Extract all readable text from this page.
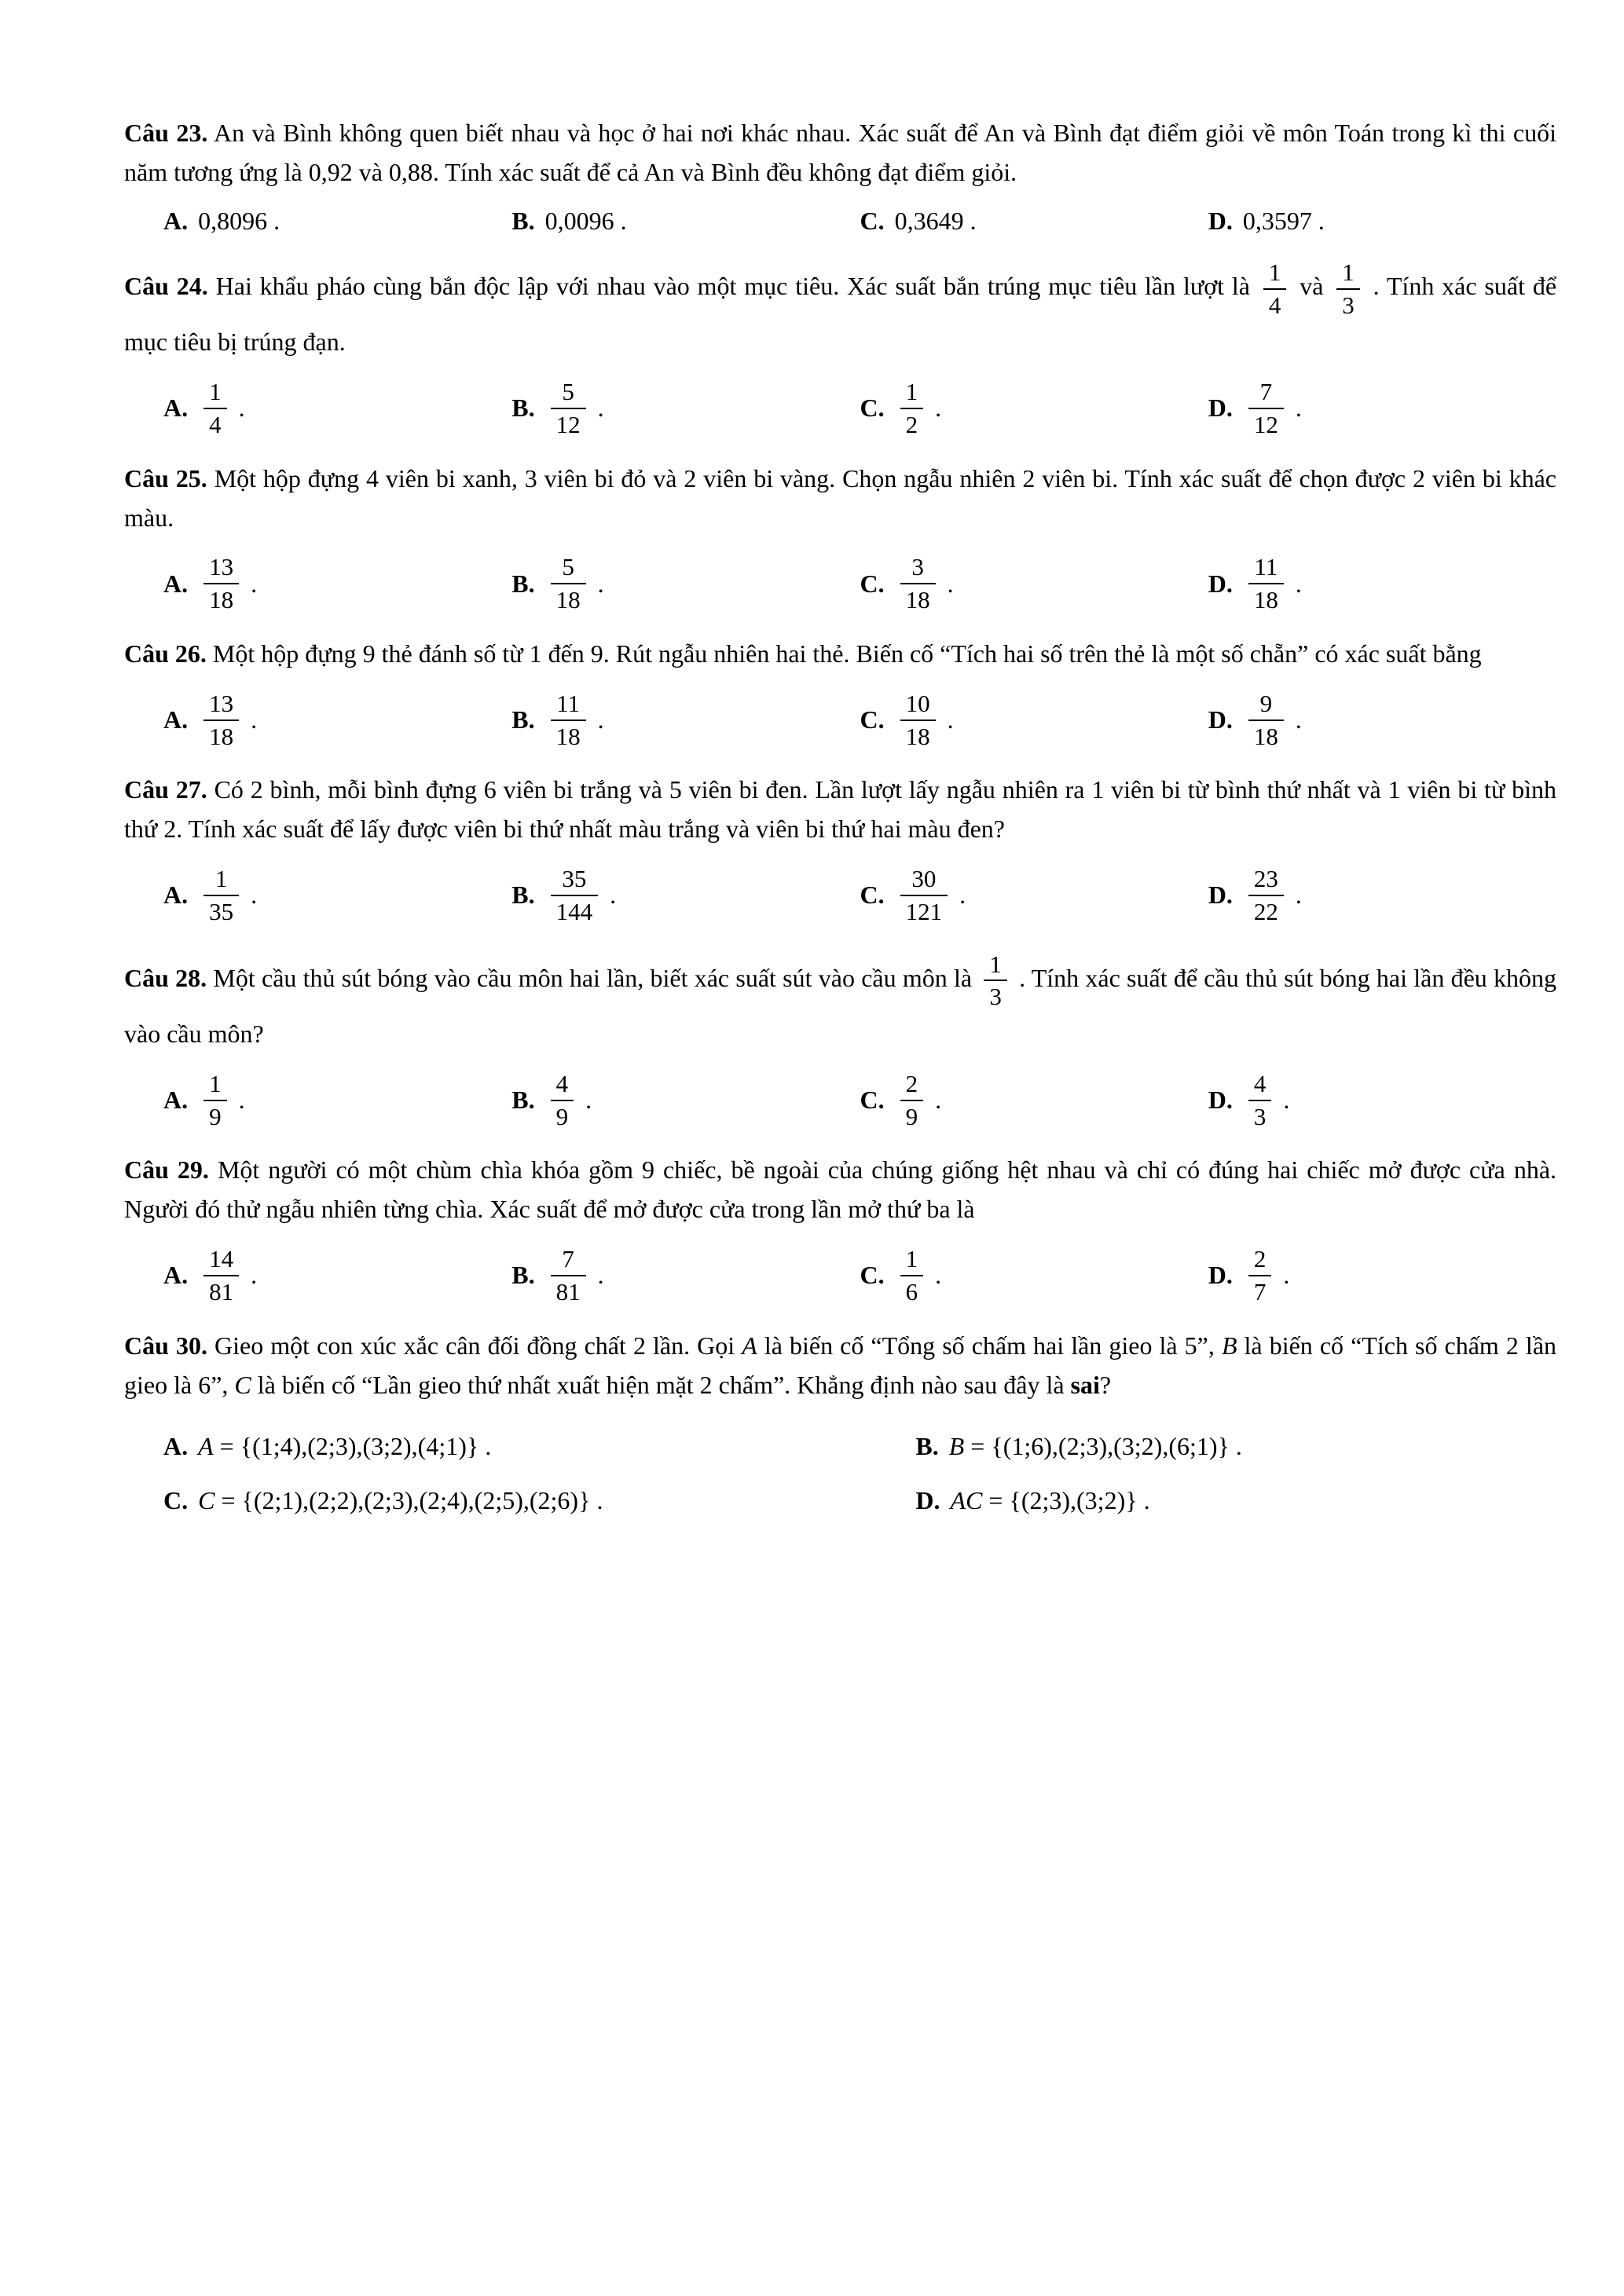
Câu 23. An và Bình không quen biết nhau và học ở hai nơi khác nhau. Xác suất để An và Bình đạt điểm giỏi về môn Toán trong kì thi cuối năm tương ứng là 0,92 và 0,88. Tính xác suất để cả An và Bình đều không đạt điểm giỏi.

A. 0,8096 .	B. 0,0096 .	C. 0,3649 .	D. 0,3597 .

Câu 24. Hai khẩu pháo cùng bắn độc lập với nhau vào một mục tiêu. Xác suất bắn trúng mục tiêu lần lượt là $\frac{1}{4}$ và $\frac{1}{3}$ . Tính xác suất để mục tiêu bị trúng đạn.

A. $\frac{1}{4}$ .	B. $\frac{5}{12}$ .	C. $\frac{1}{2}$ .	D. $\frac{7}{12}$ .

Câu 25. Một hộp đựng 4 viên bi xanh, 3 viên bi đỏ và 2 viên bi vàng. Chọn ngẫu nhiên 2 viên bi. Tính xác suất để chọn được 2 viên bi khác màu.

A. $\frac{13}{18}$ .	B. $\frac{5}{18}$ .	C. $\frac{3}{18}$ .	D. $\frac{11}{18}$ .

Câu 26. Một hộp đựng 9 thẻ đánh số từ 1 đến 9. Rút ngẫu nhiên hai thẻ. Biến cố “Tích hai số trên thẻ là một số chẵn” có xác suất bằng

A. $\frac{13}{18}$ .	B. $\frac{11}{18}$ .	C. $\frac{10}{18}$ .	D. $\frac{9}{18}$ .

Câu 27. Có 2 bình, mỗi bình đựng 6 viên bi trắng và 5 viên bi đen. Lần lượt lấy ngẫu nhiên ra 1 viên bi từ bình thứ nhất và 1 viên bi từ bình thứ 2. Tính xác suất để lấy được viên bi thứ nhất màu trắng và viên bi thứ hai màu đen?

A. $\frac{1}{35}$ .	B. $\frac{35}{144}$ .	C. $\frac{30}{121}$ .	D. $\frac{23}{22}$ .

Câu 28. Một cầu thủ sút bóng vào cầu môn hai lần, biết xác suất sút vào cầu môn là $\frac{1}{3}$ . Tính xác suất để cầu thủ sút bóng hai lần đều không vào cầu môn?

A. $\frac{1}{9}$ .	B. $\frac{4}{9}$ .	C. $\frac{2}{9}$ .	D. $\frac{4}{3}$ .

Câu 29. Một người có một chùm chìa khóa gồm 9 chiếc, bề ngoài của chúng giống hệt nhau và chỉ có đúng hai chiếc mở được cửa nhà. Người đó thử ngẫu nhiên từng chìa. Xác suất để mở được cửa trong lần mở thứ ba là

A. $\frac{14}{81}$ .	B. $\frac{7}{81}$ .	C. $\frac{1}{6}$ .	D. $\frac{2}{7}$ .

Câu 30. Gieo một con xúc xắc cân đối đồng chất 2 lần. Gọi A là biến cố “Tổng số chấm hai lần gieo là 5”, B là biến cố “Tích số chấm 2 lần gieo là 6”, C là biến cố “Lần gieo thứ nhất xuất hiện mặt 2 chấm”. Khẳng định nào sau đây là sai?

A. A = {(1;4),(2;3),(3;2),(4;1)} .	B. B = {(1;6),(2;3),(3;2),(6;1)} .
C. C = {(2;1),(2;2),(2;3),(2;4),(2;5),(2;6)} .	D. AC = {(2;3),(3;2)} .
